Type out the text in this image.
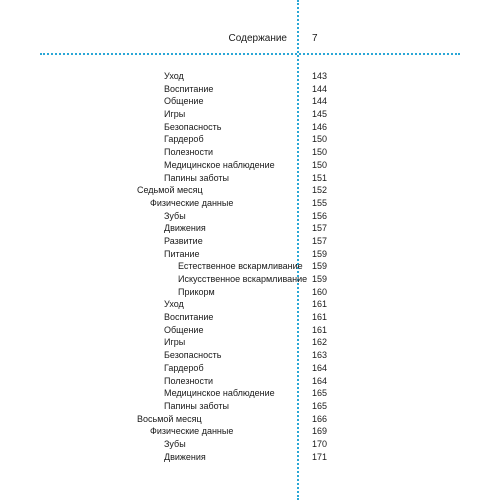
Содержание	7
Уход	143
Воспитание	144
Общение	144
Игры	145
Безопасность	146
Гардероб	150
Полезности	150
Медицинское наблюдение	150
Папины заботы	151
Седьмой месяц	152
Физические данные	155
Зубы	156
Движения	157
Развитие	157
Питание	159
Естественное вскармливание 159
Искусственное вскармливание 159
Прикорм	160
Уход	161
Воспитание	161
Общение	161
Игры	162
Безопасность	163
Гардероб	164
Полезности	164
Медицинское наблюдение	165
Папины заботы	165
Восьмой месяц	166
Физические данные	169
Зубы	170
Движения	171
